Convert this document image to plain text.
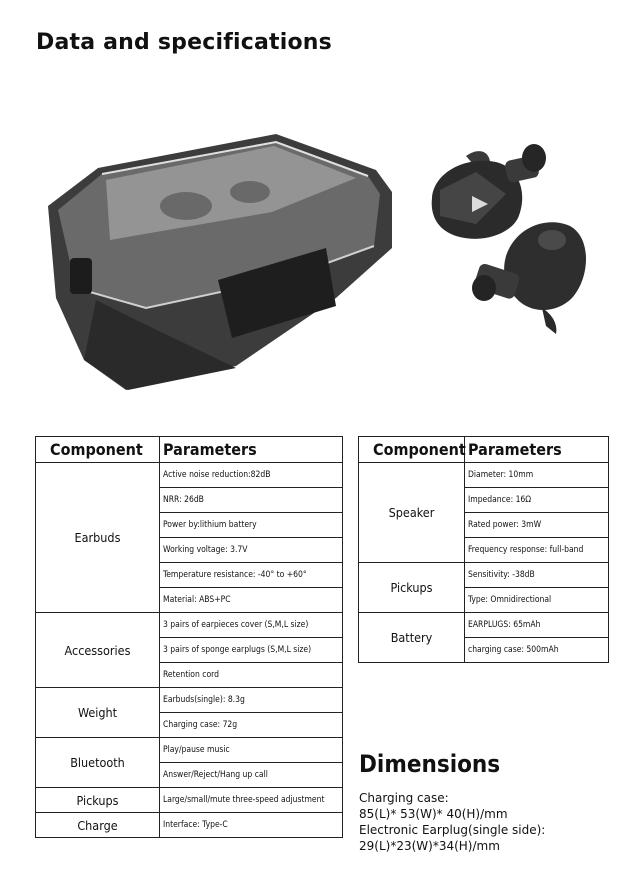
Data and specifications
Component	Parameters
Earbuds	Active noise reduction:82dB
	NRR: 26dB
	Power by:lithium battery
	Working voltage: 3.7V
	Temperature resistance: -40° to +60°
	Material: ABS+PC
Accessories	3 pairs of earpieces cover (S,M,L size)
	3 pairs of sponge earplugs (S,M,L size)
	Retention cord
Weight	Earbuds(single): 8.3g
	Charging case: 72g
Bluetooth	Play/pause music
	Answer/Reject/Hang up call
Pickups	Large/small/mute three-speed adjustment
Charge	Interface: Type-C
Component	Parameters
Speaker	Diameter: 10mm
	Impedance: 16Ω
	Rated power: 3mW
	Frequency response: full-band
Pickups	Sensitivity: -38dB
	Type: Omnidirectional
Battery	EARPLUGS: 65mAh
	charging case: 500mAh
Dimensions
Charging case:
85(L)* 53(W)* 40(H)/mm
Electronic Earplug(single side):
29(L)*23(W)*34(H)/mm
